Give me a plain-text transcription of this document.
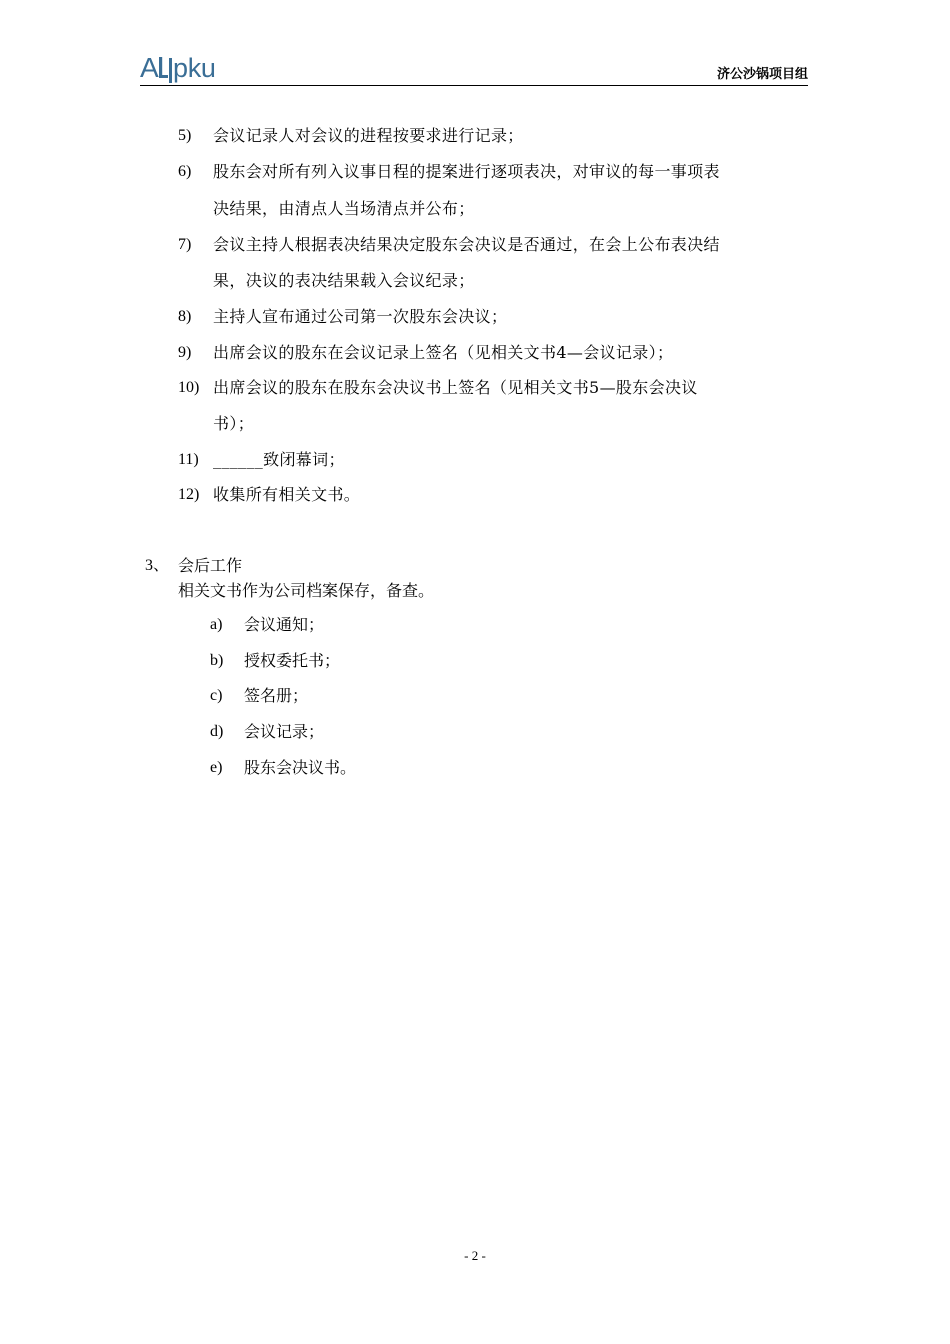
A pku	济公沙锅项目组
5) 会议记录人对会议的进程按要求进行记录；
6) 股东会对所有列入议事日程的提案进行逐项表决，对审议的每一事项表
决结果，由清点人当场清点并公布；
7) 会议主持人根据表决结果决定股东会决议是否通过，在会上公布表决结
果，决议的表决结果载入会议纪录；
8) 主持人宣布通过公司第一次股东会决议；
9) 出席会议的股东在会议记录上签名（见相关文书4—会议记录）；
10) 出席会议的股东在股东会决议书上签名（见相关文书5—股东会决议
书）；
11) ______致闭幕词；
12) 收集所有相关文书。
3、 会后工作
相关文书作为公司档案保存，备查。
a) 会议通知；
b) 授权委托书；
c) 签名册；
d) 会议记录；
e) 股东会决议书。
- 2 -
